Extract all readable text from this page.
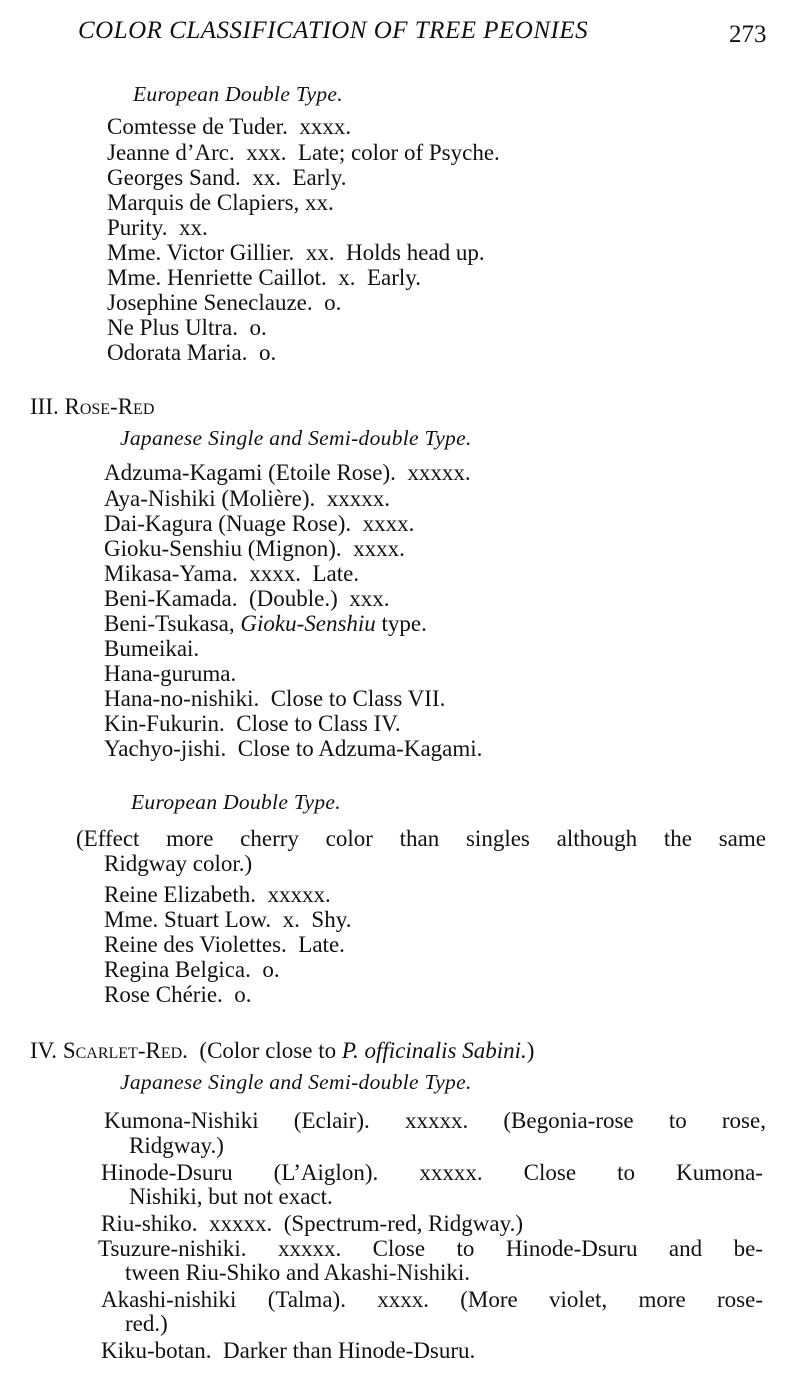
COLOR CLASSIFICATION OF TREE PEONIES	273
European Double Type.
Comtesse de Tuder.  xxxx.
Jeanne d’Arc.  xxx.  Late; color of Psyche.
Georges Sand.  xx.  Early.
Marquis de Clapiers, xx.
Purity.  xx.
Mme. Victor Gillier.  xx.  Holds head up.
Mme. Henriette Caillot.  x.  Early.
Josephine Seneclauze.  o.
Ne Plus Ultra.  o.
Odorata Maria.  o.
III. Rose-Red
Japanese Single and Semi-double Type.
Adzuma-Kagami (Etoile Rose).  xxxxx.
Aya-Nishiki (Molière).  xxxxx.
Dai-Kagura (Nuage Rose).  xxxx.
Gioku-Senshiu (Mignon).  xxxx.
Mikasa-Yama.  xxxx.  Late.
Beni-Kamada.  (Double.)  xxx.
Beni-Tsukasa, Gioku-Senshiu type.
Bumeikai.
Hana-guruma.
Hana-no-nishiki.  Close to Class VII.
Kin-Fukurin.  Close to Class IV.
Yachyo-jishi.  Close to Adzuma-Kagami.
European Double Type.
(Effect more cherry color than singles although the same
Ridgway color.)
Reine Elizabeth.  xxxxx.
Mme. Stuart Low.  x.  Shy.
Reine des Violettes.  Late.
Regina Belgica.  o.
Rose Chérie.  o.
IV. Scarlet-Red.  (Color close to P. officinalis Sabini.)
Japanese Single and Semi-double Type.
Kumona-Nishiki (Eclair). xxxxx. (Begonia-rose to rose,
Ridgway.)
Hinode-Dsuru (L’Aiglon). xxxxx. Close to Kumona-
Nishiki, but not exact.
Riu-shiko.  xxxxx.  (Spectrum-red, Ridgway.)
Tsuzure-nishiki. xxxxx. Close to Hinode-Dsuru and be-
tween Riu-Shiko and Akashi-Nishiki.
Akashi-nishiki (Talma). xxxx. (More violet, more rose-
red.)
Kiku-botan.  Darker than Hinode-Dsuru.
